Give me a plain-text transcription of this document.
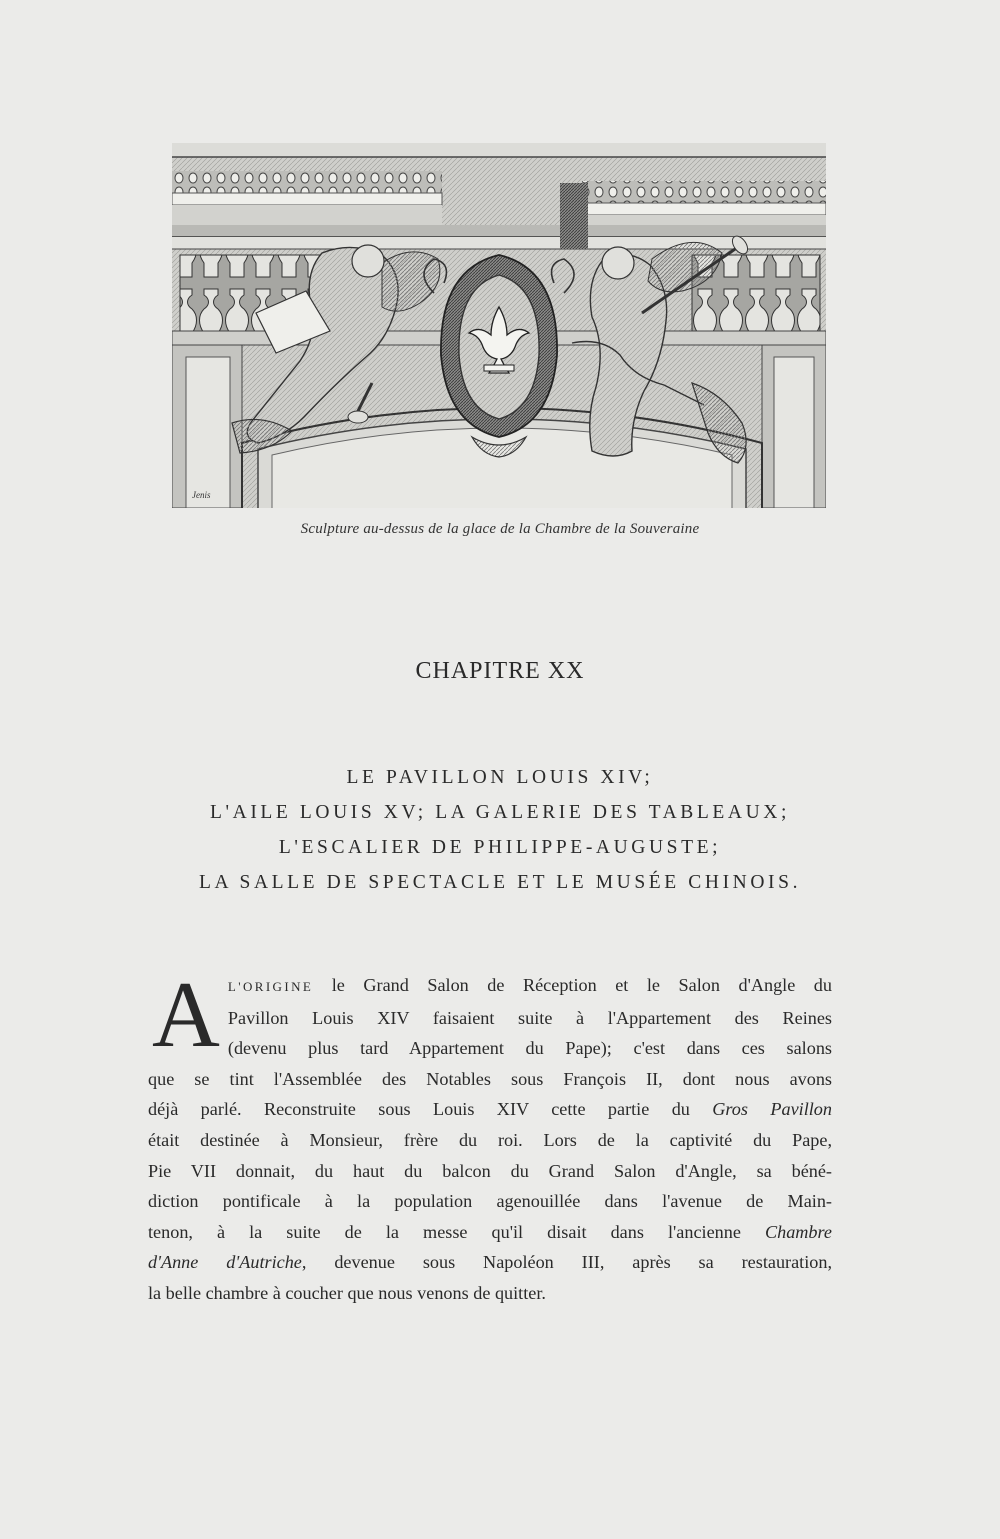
Jenis
Sculpture au-dessus de la glace de la Chambre de la Souveraine
CHAPITRE XX
LE PAVILLON LOUIS XIV;
L'AILE LOUIS XV; LA GALERIE DES TABLEAUX;
L'ESCALIER DE PHILIPPE-AUGUSTE;
LA SALLE DE SPECTACLE ET LE MUSÉE CHINOIS.
A L'ORIGINE le Grand Salon de Réception et le Salon d'Angle du
Pavillon Louis XIV faisaient suite à l'Appartement des Reines
(devenu plus tard Appartement du Pape); c'est dans ces salons
que se tint l'Assemblée des Notables sous François II, dont nous avons
déjà parlé. Reconstruite sous Louis XIV cette partie du Gros Pavillon
était destinée à Monsieur, frère du roi. Lors de la captivité du Pape,
Pie VII donnait, du haut du balcon du Grand Salon d'Angle, sa béné-
diction pontificale à la population agenouillée dans l'avenue de Main-
tenon, à la suite de la messe qu'il disait dans l'ancienne Chambre
d'Anne d'Autriche, devenue sous Napoléon III, après sa restauration,
la belle chambre à coucher que nous venons de quitter.
